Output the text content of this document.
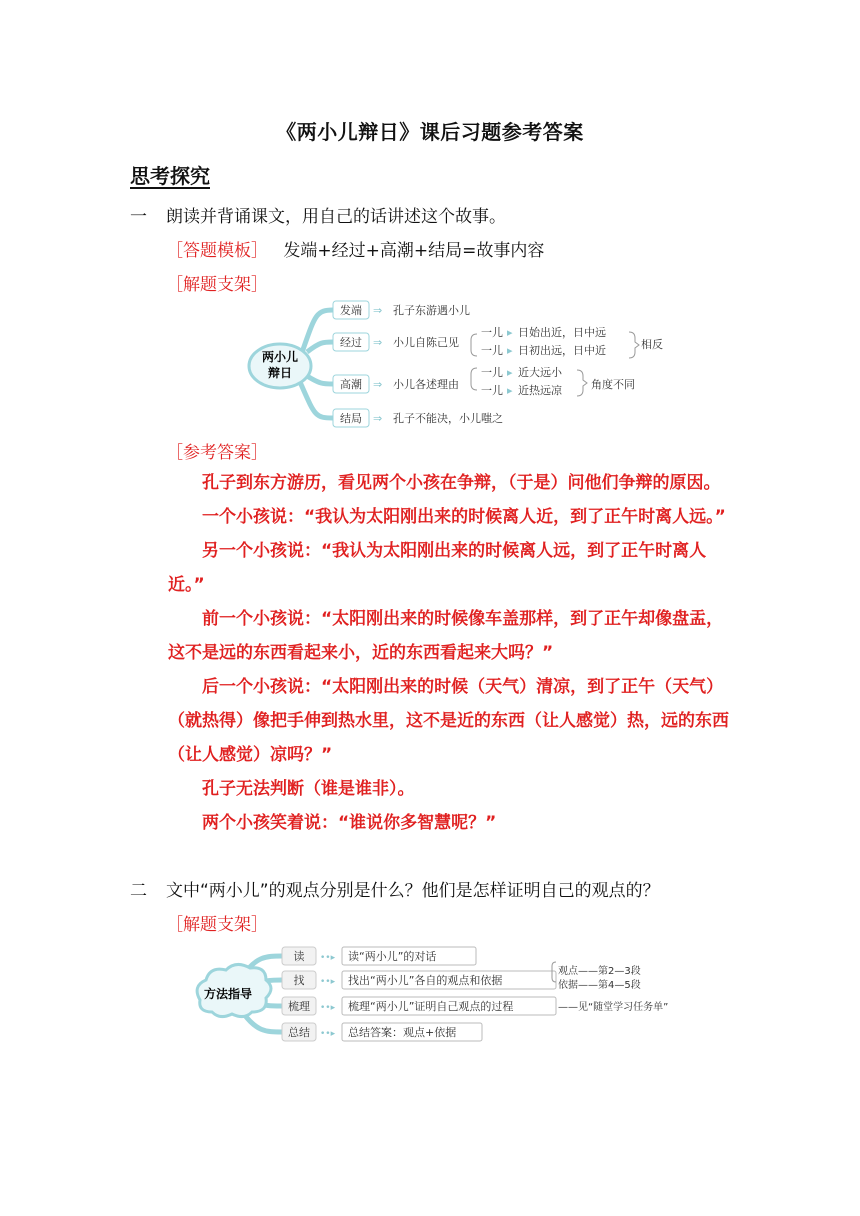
《两小儿辩日》课后习题参考答案
思考探究
一 朗读并背诵课文，用自己的话讲述这个故事。
［答题模板］ 发端+经过+高潮+结局=故事内容
［解题支架］
两小儿
辩日
发端 ⇒ 孔子东游遇小儿
经过 ⇒ 小儿自陈己见
一儿 ▸ 日始出近，日中远
一儿 ▸ 日初出远，日中近	相反
高潮 ⇒ 小儿各述理由
一儿 ▸ 近大远小
一儿 ▸ 近热远凉	角度不同
结局 ⇒ 孔子不能决，小儿嗤之
［参考答案］

孔子到东方游历，看见两个小孩在争辩，（于是）问他们争辩的原因。

一个小孩说：“我认为太阳刚出来的时候离人近，到了正午时离人远。”

另一个小孩说：“我认为太阳刚出来的时候离人远，到了正午时离人近。”

前一个小孩说：“太阳刚出来的时候像车盖那样，到了正午却像盘盂，这不是远的东西看起来小，近的东西看起来大吗？”

后一个小孩说：“太阳刚出来的时候（天气）清凉，到了正午（天气）（就热得）像把手伸到热水里，这不是近的东西（让人感觉）热，远的东西（让人感觉）凉吗？”

孔子无法判断（谁是谁非）。

两个小孩笑着说：“谁说你多智慧呢？”

二 文中“两小儿”的观点分别是什么？他们是怎样证明自己的观点的？
［解题支架］
方法指导
读 ••▸ 读“两小儿”的对话
找 ••▸ 找出“两小儿”各自的观点和依据
观点——第2—3段
依据——第4—5段
梳理 ••▸ 梳理“两小儿”证明自己观点的过程	——见“随堂学习任务单”
总结 ••▸ 总结答案：观点+依据
